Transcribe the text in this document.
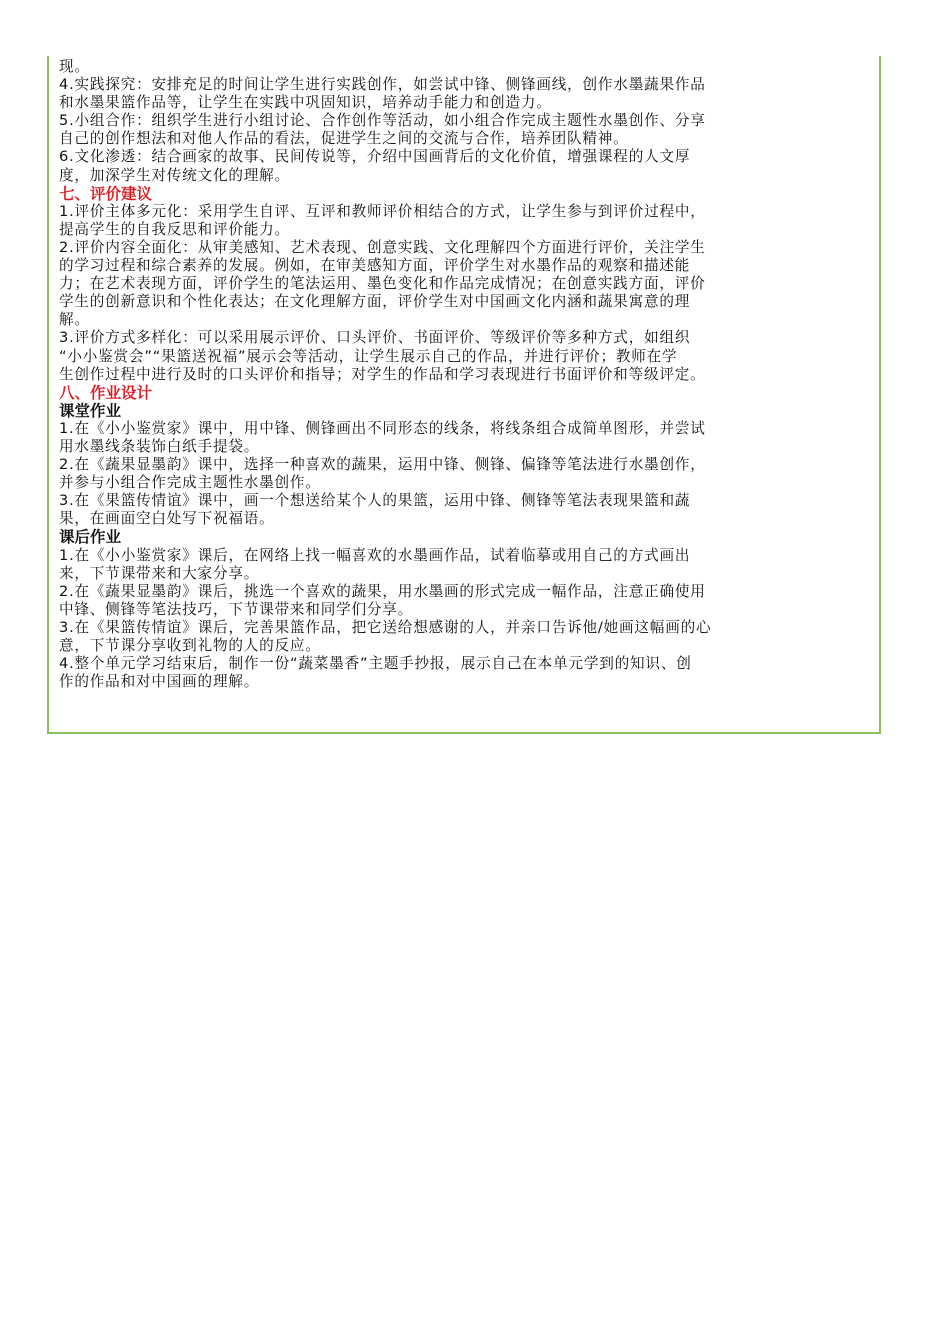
现。
4.实践探究：安排充足的时间让学生进行实践创作，如尝试中锋、侧锋画线，创作水墨蔬果作品
和水墨果篮作品等，让学生在实践中巩固知识，培养动手能力和创造力。
5.小组合作：组织学生进行小组讨论、合作创作等活动，如小组合作完成主题性水墨创作、分享
自己的创作想法和对他人作品的看法，促进学生之间的交流与合作，培养团队精神。
6.文化渗透：结合画家的故事、民间传说等，介绍中国画背后的文化价值，增强课程的人文厚
度，加深学生对传统文化的理解。
七、评价建议
1.评价主体多元化：采用学生自评、互评和教师评价相结合的方式，让学生参与到评价过程中，
提高学生的自我反思和评价能力。
2.评价内容全面化：从审美感知、艺术表现、创意实践、文化理解四个方面进行评价，关注学生
的学习过程和综合素养的发展。例如，在审美感知方面，评价学生对水墨作品的观察和描述能
力；在艺术表现方面，评价学生的笔法运用、墨色变化和作品完成情况；在创意实践方面，评价
学生的创新意识和个性化表达；在文化理解方面，评价学生对中国画文化内涵和蔬果寓意的理
解。
3.评价方式多样化：可以采用展示评价、口头评价、书面评价、等级评价等多种方式，如组织
“小小鉴赏会”“果篮送祝福”展示会等活动，让学生展示自己的作品，并进行评价；教师在学
生创作过程中进行及时的口头评价和指导；对学生的作品和学习表现进行书面评价和等级评定。
八、作业设计
课堂作业
1.在《小小鉴赏家》课中，用中锋、侧锋画出不同形态的线条，将线条组合成简单图形，并尝试
用水墨线条装饰白纸手提袋。
2.在《蔬果显墨韵》课中，选择一种喜欢的蔬果，运用中锋、侧锋、偏锋等笔法进行水墨创作，
并参与小组合作完成主题性水墨创作。
3.在《果篮传情谊》课中，画一个想送给某个人的果篮，运用中锋、侧锋等笔法表现果篮和蔬
果，在画面空白处写下祝福语。
课后作业
1.在《小小鉴赏家》课后，在网络上找一幅喜欢的水墨画作品，试着临摹或用自己的方式画出
来，下节课带来和大家分享。
2.在《蔬果显墨韵》课后，挑选一个喜欢的蔬果，用水墨画的形式完成一幅作品，注意正确使用
中锋、侧锋等笔法技巧，下节课带来和同学们分享。
3.在《果篮传情谊》课后，完善果篮作品，把它送给想感谢的人，并亲口告诉他/她画这幅画的心
意，下节课分享收到礼物的人的反应。
4.整个单元学习结束后，制作一份“蔬菜墨香”主题手抄报，展示自己在本单元学到的知识、创
作的作品和对中国画的理解。
